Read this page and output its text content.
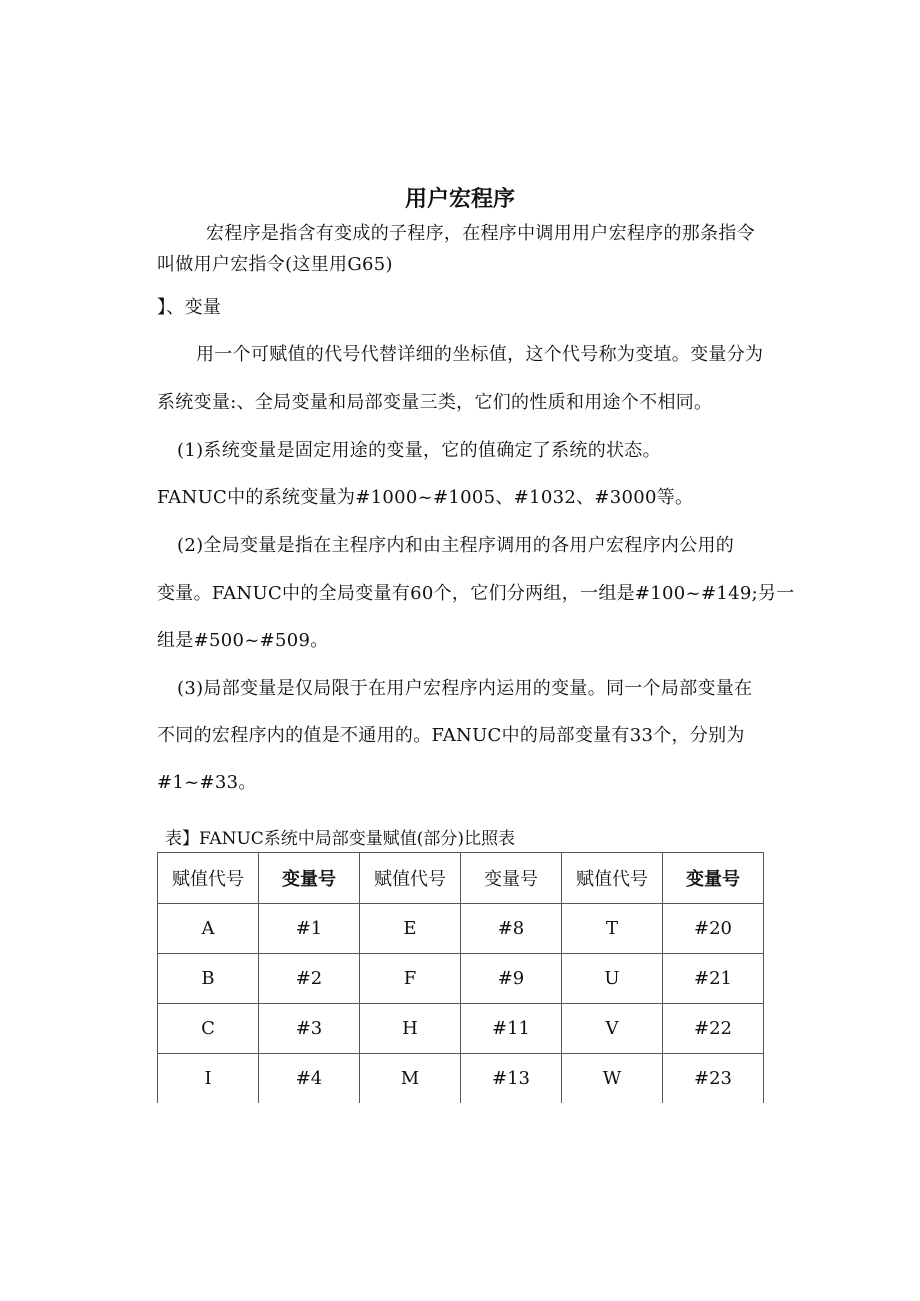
用户宏程序
宏程序是指含有变成的子程序，在程序中调用用户宏程序的那条指令
叫做用户宏指令(这里用G65)
】、变量
用一个可赋值的代号代替详细的坐标值，这个代号称为变埴。变量分为
系统变量:、全局变量和局部变量三类，它们的性质和用途个不相同。
(1)系统变量是固定用途的变量，它的值确定了系统的状态。
FANUC中的系统变量为#1000~#1005、#1032、#3000等。
(2)全局变量是指在主程序内和由主程序调用的各用户宏程序内公用的
变量。FANUC中的全局变量有60个，它们分两组，一组是#100~#149;另一
组是#500~#509。
(3)局部变量是仅局限于在用户宏程序内运用的变量。同一个局部变量在
不同的宏程序内的值是不通用的。FANUC中的局部变量有33个，分别为
#1~#33。
表】FANUC系统中局部变量赋值(部分)比照表
赋值代号	变量号	赋值代号	变量号	赋值代号	变量号
A	#1	E	#8	T	#20
B	#2	F	#9	U	#21
C	#3	H	#11	V	#22
I	#4	M	#13	W	#23
